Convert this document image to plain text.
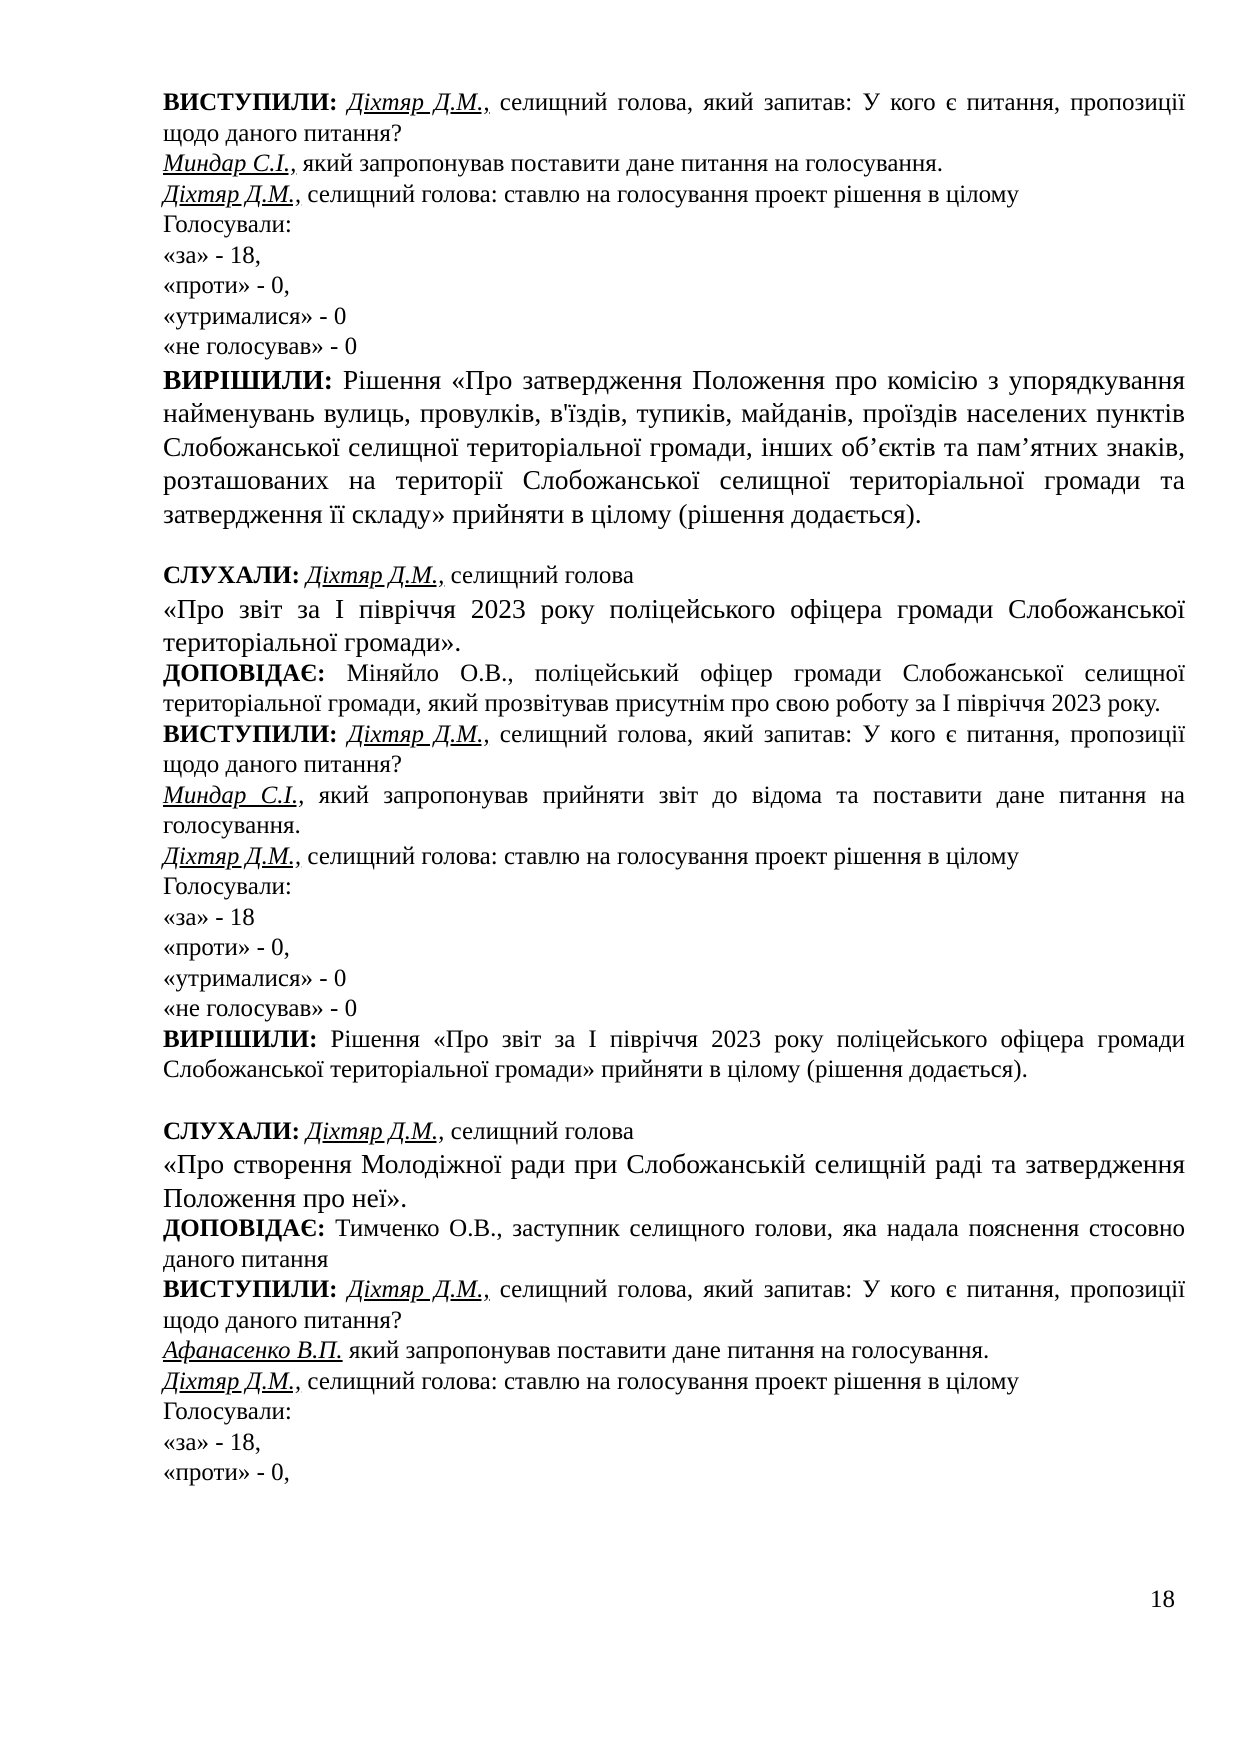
ВИСТУПИЛИ: Діхтяр Д.М., селищний голова, який запитав: У кого є питання, пропозиції щодо даного питання?

Миндар С.І., який запропонував поставити дане питання на голосування.

Діхтяр Д.М., селищний голова: ставлю на голосування проект рішення в цілому

Голосували:

«за» - 18,

«проти» - 0,

«утрималися» - 0

«не голосував» - 0

ВИРІШИЛИ: Рішення «Про затвердження Положення про комісію з упорядкування найменувань вулиць, провулків, в'їздів, тупиків, майданів, проїздів населених пунктів Слобожанської селищної територіальної громади, інших об’єктів та пам’ятних знаків, розташованих на території Слобожанської селищної територіальної громади та затвердження її складу» прийняти в цілому (рішення додається).

СЛУХАЛИ: Діхтяр Д.М., селищний голова

«Про звіт за І півріччя 2023 року поліцейського офіцера громади Слобожанської територіальної громади».

ДОПОВІДАЄ: Міняйло О.В., поліцейський офіцер громади Слобожанської селищної територіальної громади, який прозвітував присутнім про свою роботу за І півріччя 2023 року.

ВИСТУПИЛИ: Діхтяр Д.М., селищний голова, який запитав: У кого є питання, пропозиції щодо даного питання?

Миндар С.І., який запропонував прийняти звіт до відома та поставити дане питання на голосування.

Діхтяр Д.М., селищний голова: ставлю на голосування проект рішення в цілому

Голосували:

«за» - 18

«проти» - 0,

«утрималися» - 0

«не голосував» - 0

ВИРІШИЛИ: Рішення «Про звіт за І півріччя 2023 року поліцейського офіцера громади Слобожанської територіальної громади» прийняти в цілому (рішення додається).

СЛУХАЛИ: Діхтяр Д.М., селищний голова

«Про створення Молодіжної ради при Слобожанській селищній раді та затвердження Положення про неї».

ДОПОВІДАЄ: Тимченко О.В., заступник селищного голови, яка надала пояснення стосовно даного питання

ВИСТУПИЛИ: Діхтяр Д.М., селищний голова, який запитав: У кого є питання, пропозиції щодо даного питання?

Афанасенко В.П. який запропонував поставити дане питання на голосування.

Діхтяр Д.М., селищний голова: ставлю на голосування проект рішення в цілому

Голосували:

«за» - 18,

«проти» - 0,

18
